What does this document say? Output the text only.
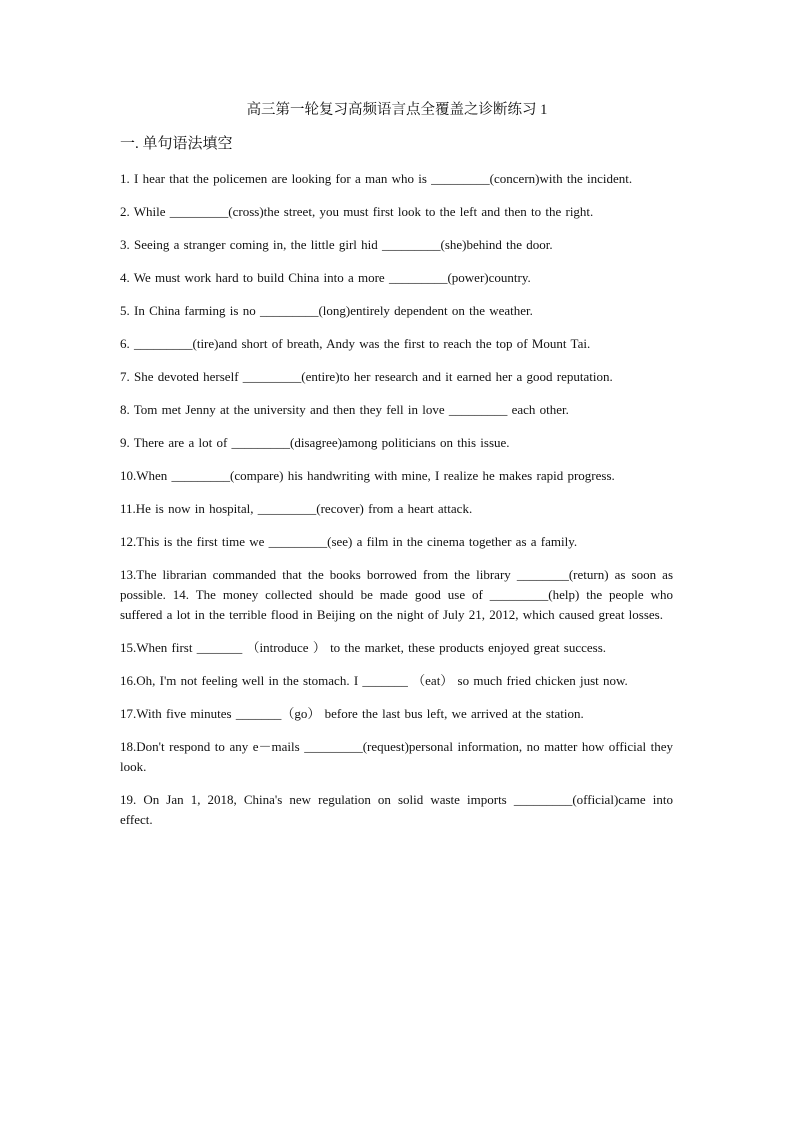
高三第一轮复习高频语言点全覆盖之诊断练习 1
一. 单句语法填空

1. I hear that the policemen are looking for a man who is _________(concern)with the incident.

2. While _________(cross)the street, you must first look to the left and then to the right.

3. Seeing a stranger coming in, the little girl hid _________(she)behind the door.

4. We must work hard to build China into a more _________(power)country.

5. In China farming is no _________(long)entirely dependent on the weather.

6. _________(tire)and short of breath, Andy was the first to reach the top of Mount Tai.

7. She devoted herself _________(entire)to her research and it earned her a good reputation.

8. Tom met Jenny at the university and then they fell in love _________ each other.

9. There are a lot of _________(disagree)among politicians on this issue.

10.When _________(compare) his handwriting with mine, I realize he makes rapid progress.

11.He is now in hospital, _________(recover) from a heart attack.

12.This is the first time we _________(see) a film in the cinema together as a family.

13.The librarian commanded that the books borrowed from the library ________(return) as soon as possible. 14. The money collected should be made good use of _________(help) the people who suffered a lot in the terrible flood in Beijing on the night of July 21, 2012, which caused great losses.

15.When first _______ （introduce ） to the market, these products enjoyed great success.

16.Oh, I'm not feeling well in the stomach. I _______ （eat） so much fried chicken just now.

17.With five minutes _______（go） before the last bus left, we arrived at the station.

18.Don't respond to any e－mails _________(request)personal information, no matter how official they look.

19. On Jan 1, 2018, China's new regulation on solid waste imports _________(official)came into effect.
